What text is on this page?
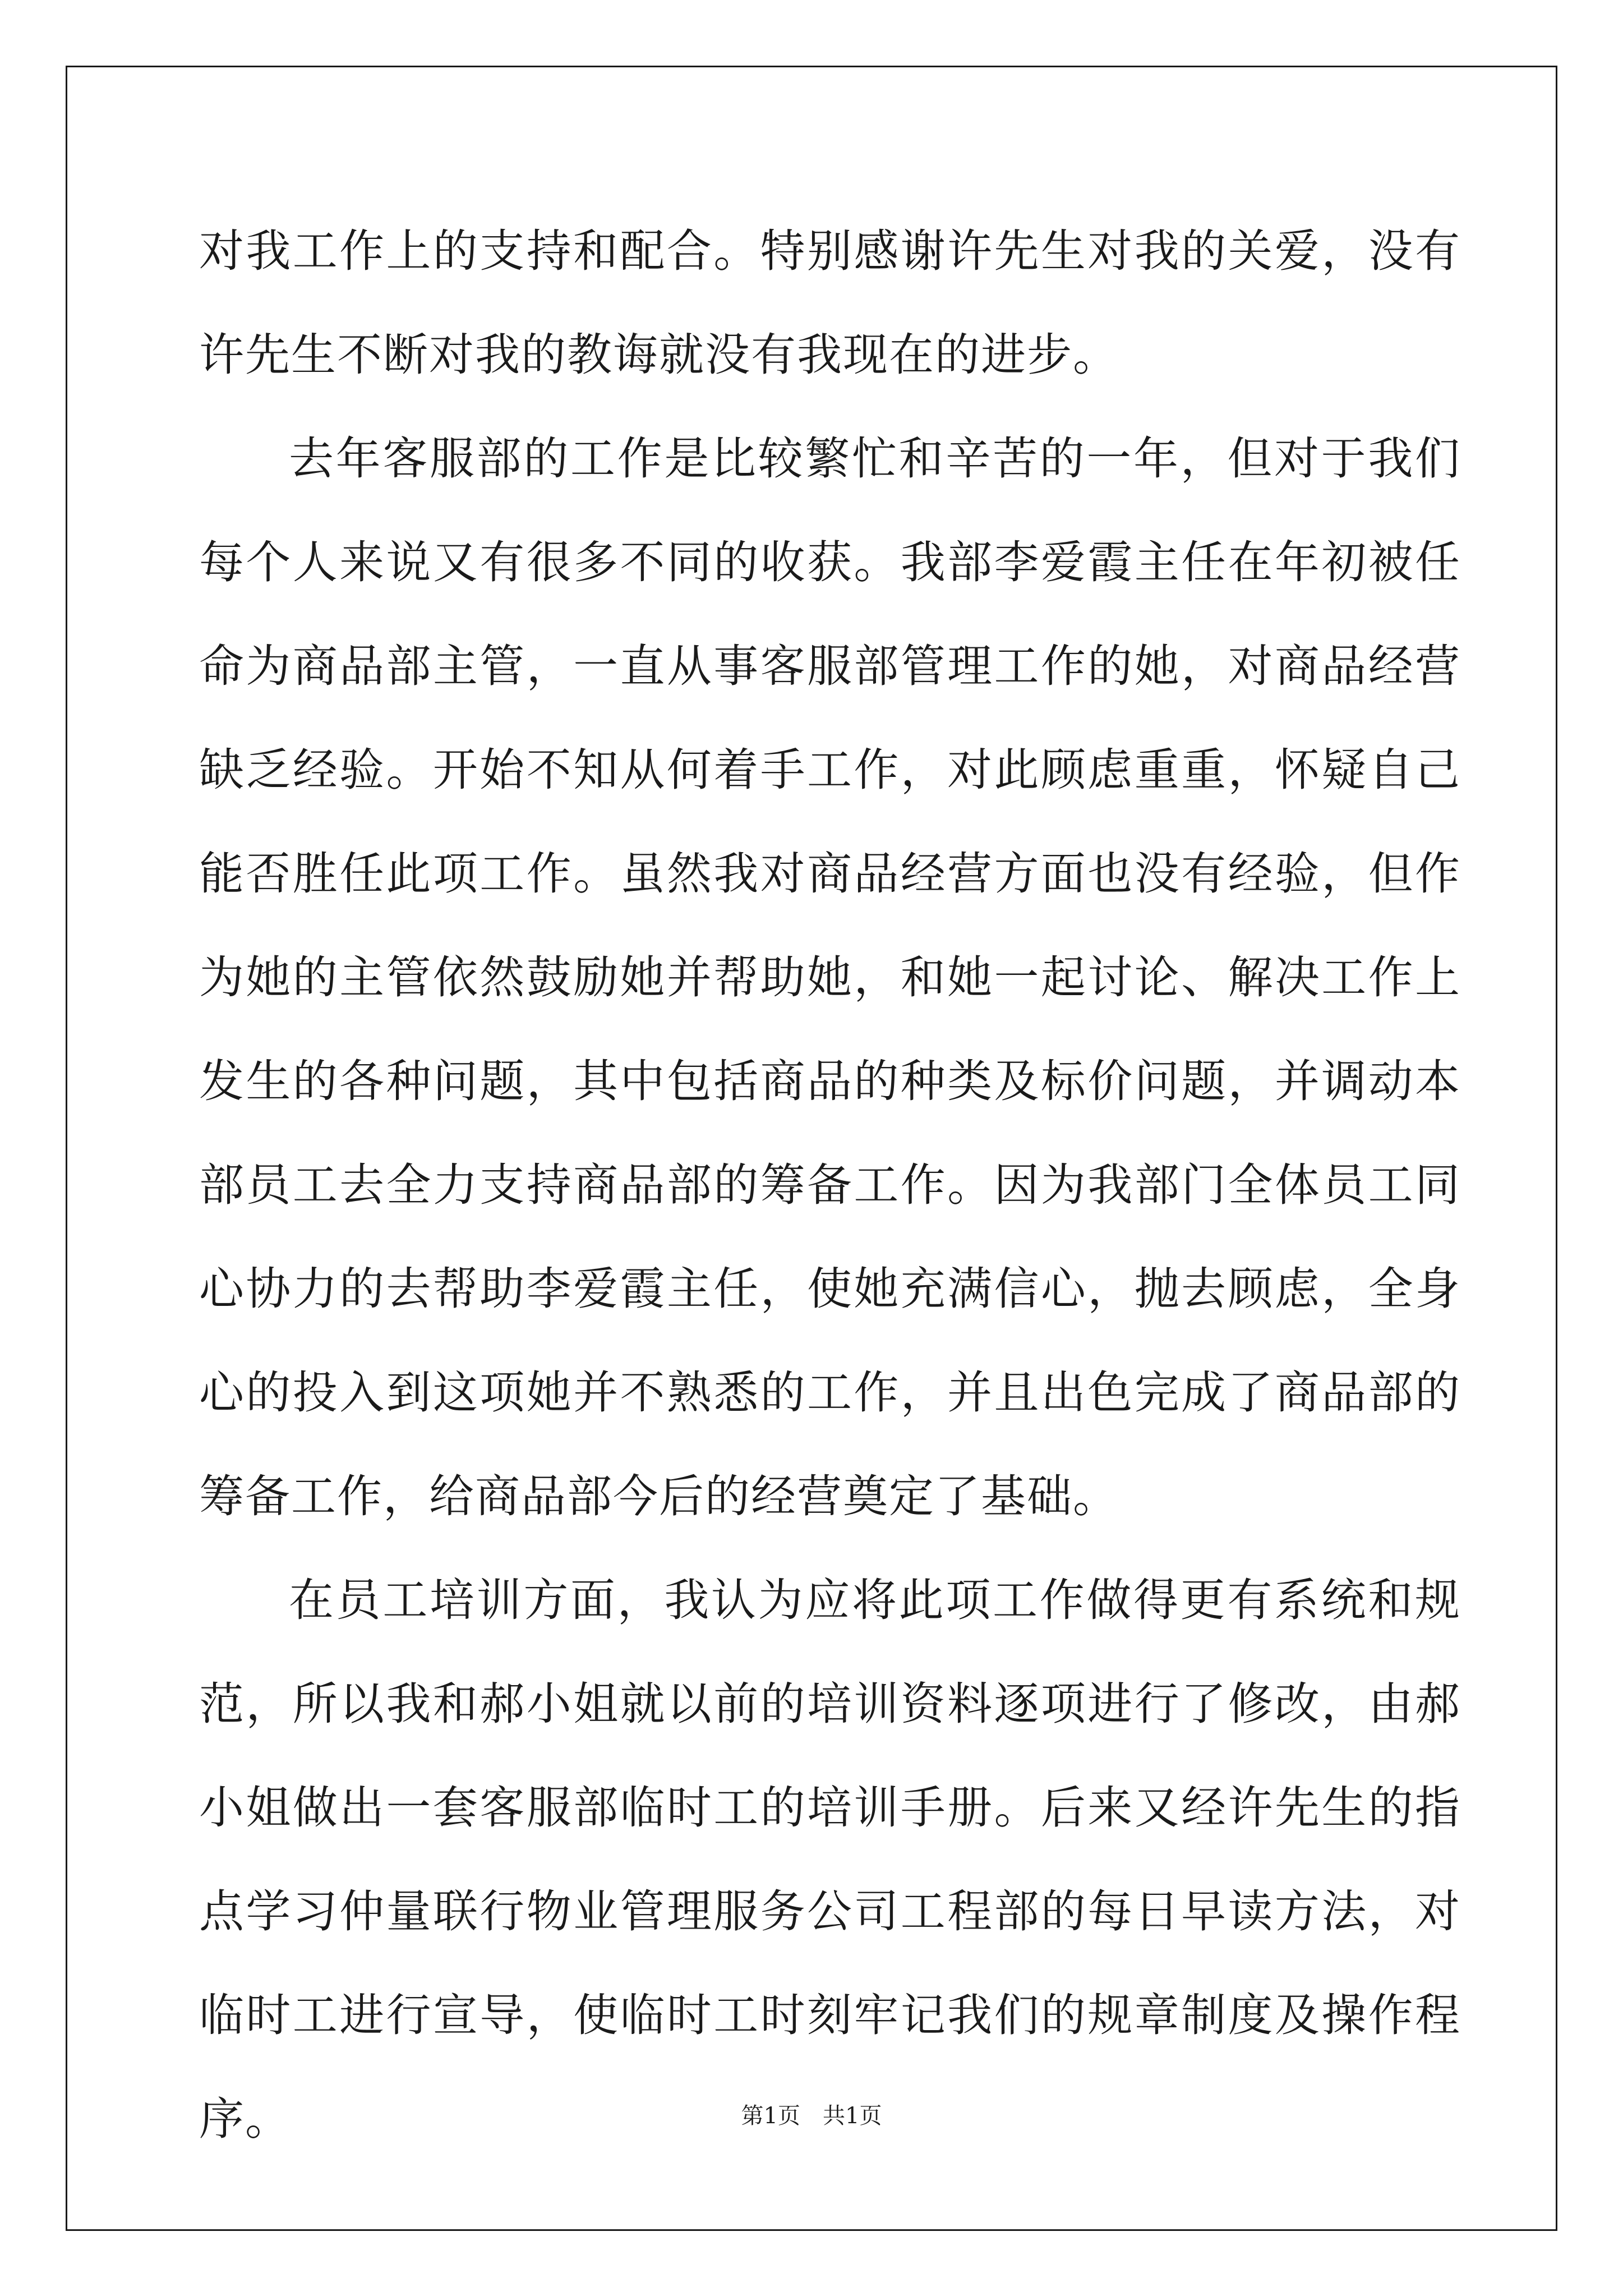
对我工作上的支持和配合。特别感谢许先生对我的关爱，没有许先生不断对我的教诲就没有我现在的进步。

去年客服部的工作是比较繁忙和辛苦的一年，但对于我们每个人来说又有很多不同的收获。我部李爱霞主任在年初被任命为商品部主管，一直从事客服部管理工作的她，对商品经营缺乏经验。开始不知从何着手工作，对此顾虑重重，怀疑自己能否胜任此项工作。虽然我对商品经营方面也没有经验，但作为她的主管依然鼓励她并帮助她，和她一起讨论、解决工作上发生的各种问题，其中包括商品的种类及标价问题，并调动本部员工去全力支持商品部的筹备工作。因为我部门全体员工同心协力的去帮助李爱霞主任，使她充满信心，抛去顾虑，全身心的投入到这项她并不熟悉的工作，并且出色完成了商品部的筹备工作，给商品部今后的经营奠定了基础。

在员工培训方面，我认为应将此项工作做得更有系统和规范，所以我和郝小姐就以前的培训资料逐项进行了修改，由郝小姐做出一套客服部临时工的培训手册。后来又经许先生的指点学习仲量联行物业管理服务公司工程部的每日早读方法，对临时工进行宣导，使临时工时刻牢记我们的规章制度及操作程序。	第1页 共1页
